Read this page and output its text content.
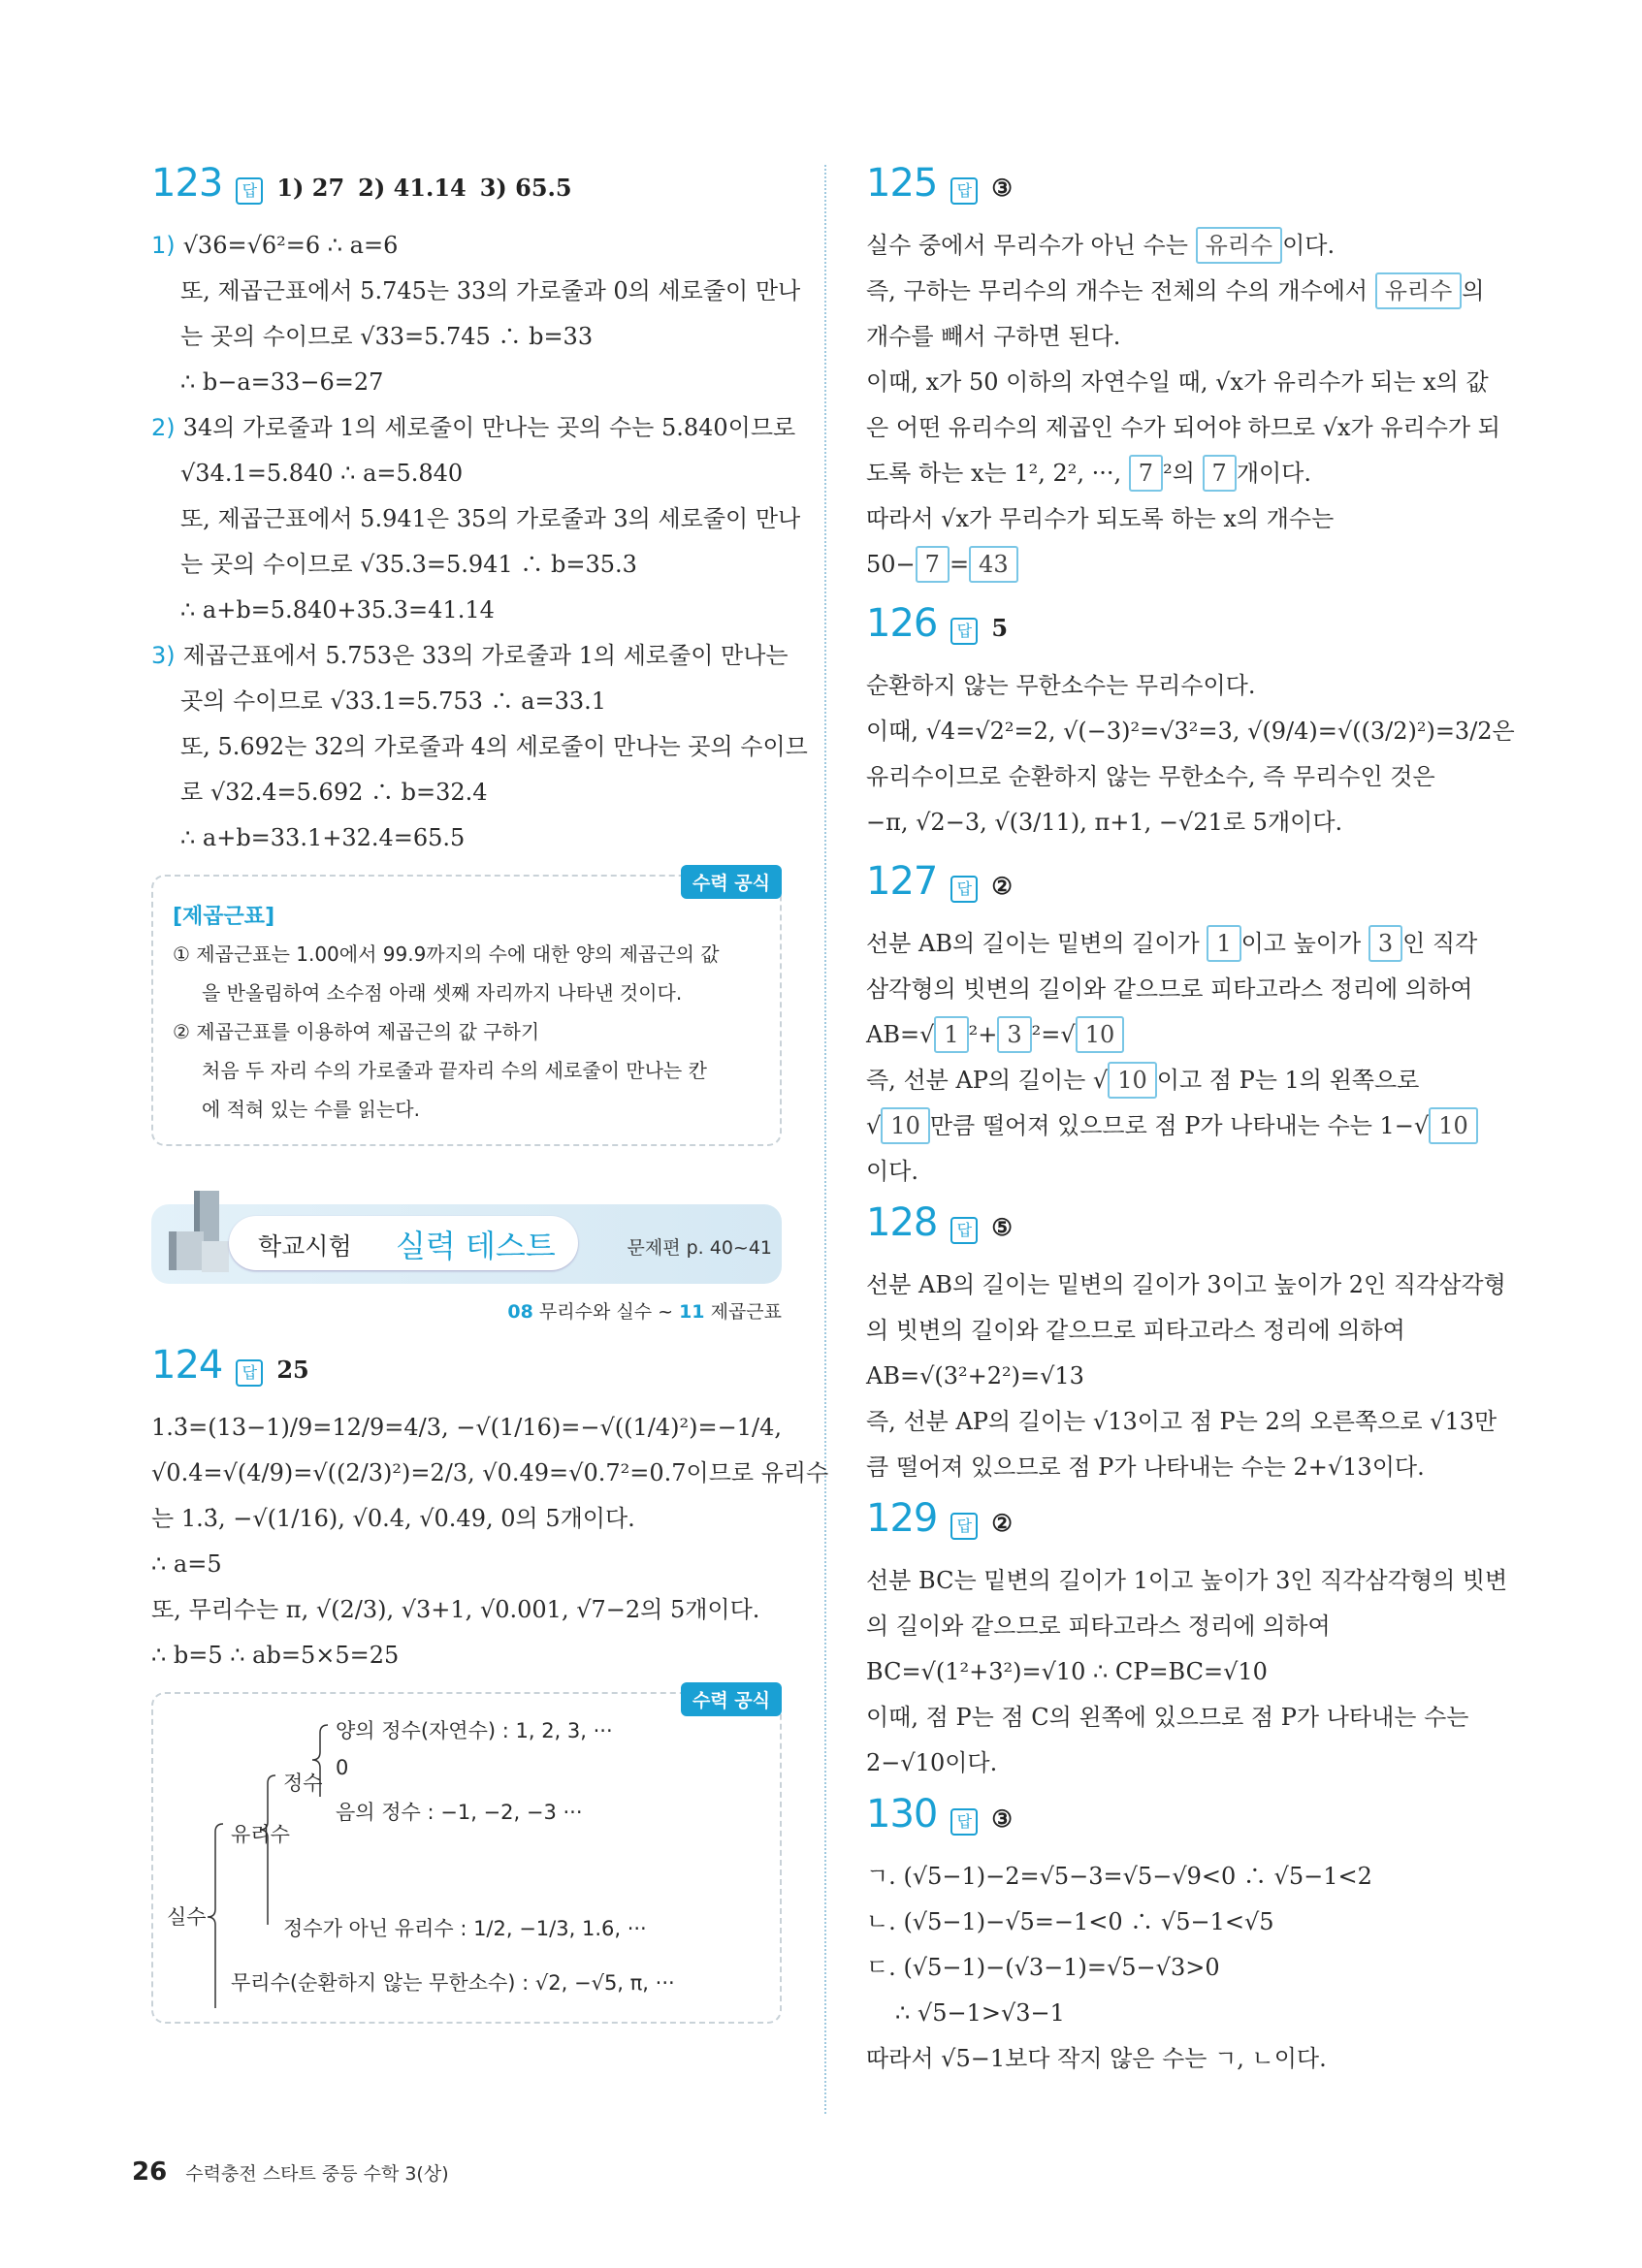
123	답 1) 27 2) 41.14 3) 65.5
1) √36=√6²=6 ∴ a=6
또, 제곱근표에서 5.745는 33의 가로줄과 0의 세로줄이 만나
는 곳의 수이므로 √33=5.745 ∴ b=33
∴ b−a=33−6=27
2) 34의 가로줄과 1의 세로줄이 만나는 곳의 수는 5.840이므로
√34.1=5.840 ∴ a=5.840
또, 제곱근표에서 5.941은 35의 가로줄과 3의 세로줄이 만나
는 곳의 수이므로 √35.3=5.941 ∴ b=35.3
∴ a+b=5.840+35.3=41.14
3) 제곱근표에서 5.753은 33의 가로줄과 1의 세로줄이 만나는
곳의 수이므로 √33.1=5.753 ∴ a=33.1
또, 5.692는 32의 가로줄과 4의 세로줄이 만나는 곳의 수이므
로 √32.4=5.692 ∴ b=32.4
∴ a+b=33.1+32.4=65.5
수력 공식
[제곱근표]
① 제곱근표는 1.00에서 99.9까지의 수에 대한 양의 제곱근의 값
을 반올림하여 소수점 아래 셋째 자리까지 나타낸 것이다.
② 제곱근표를 이용하여 제곱근의 값 구하기
처음 두 자리 수의 가로줄과 끝자리 수의 세로줄이 만나는 칸
에 적혀 있는 수를 읽는다.
학교시험 실력 테스트	문제편 p. 40~41
08 무리수와 실수 ~ 11 제곱근표
124	답 25
1.3̇=(13−1)/9=12/9=4/3, −√(1/16)=−√((1/4)²)=−1/4,
√0.4̇=√(4/9)=√((2/3)²)=2/3, √0.49=√0.7²=0.7이므로 유리수
는 1.3̇, −√(1/16), √0.4̇, √0.49, 0의 5개이다.
∴ a=5
또, 무리수는 π, √(2/3), √3+1, √0.001, √7−2의 5개이다.
∴ b=5 ∴ ab=5×5=25
수력 공식
실수
유리수
정수
양의 정수(자연수) : 1, 2, 3, ···
0
음의 정수 : −1, −2, −3 ···
정수가 아닌 유리수 : 1/2, −1/3, 1.6, ···
무리수(순환하지 않는 무한소수) : √2, −√5, π, ···
125	답 ③
실수 중에서 무리수가 아닌 수는 유리수 이다.
즉, 구하는 무리수의 개수는 전체의 수의 개수에서 유리수 의
개수를 빼서 구하면 된다.
이때, x가 50 이하의 자연수일 때, √x가 유리수가 되는 x의 값
은 어떤 유리수의 제곱인 수가 되어야 하므로 √x가 유리수가 되
도록 하는 x는 1², 2², ···, 7 ²의 7 개이다.
따라서 √x가 무리수가 되도록 하는 x의 개수는
50− 7 = 43
126	답 5
순환하지 않는 무한소수는 무리수이다.
이때, √4=√2²=2, √(−3)²=√3²=3, √(9/4)=√((3/2)²)=3/2은
유리수이므로 순환하지 않는 무한소수, 즉 무리수인 것은
−π, √2−3, √(3/11), π+1, −√21로 5개이다.
127	답 ②
선분 AB의 길이는 밑변의 길이가 1 이고 높이가 3 인 직각
삼각형의 빗변의 길이와 같으므로 피타고라스 정리에 의하여
AB=√ 1 ²+ 3 ²=√ 10
즉, 선분 AP의 길이는 √ 10 이고 점 P는 1의 왼쪽으로
√ 10 만큼 떨어져 있으므로 점 P가 나타내는 수는 1−√ 10
이다.
128	답 ⑤
선분 AB의 길이는 밑변의 길이가 3이고 높이가 2인 직각삼각형
의 빗변의 길이와 같으므로 피타고라스 정리에 의하여
AB=√(3²+2²)=√13
즉, 선분 AP의 길이는 √13이고 점 P는 2의 오른쪽으로 √13만
큼 떨어져 있으므로 점 P가 나타내는 수는 2+√13이다.
129	답 ②
선분 BC는 밑변의 길이가 1이고 높이가 3인 직각삼각형의 빗변
의 길이와 같으므로 피타고라스 정리에 의하여
BC=√(1²+3²)=√10 ∴ CP=BC=√10
이때, 점 P는 점 C의 왼쪽에 있으므로 점 P가 나타내는 수는
2−√10이다.
130	답 ③
ㄱ. (√5−1)−2=√5−3=√5−√9<0 ∴ √5−1<2
ㄴ. (√5−1)−√5=−1<0 ∴ √5−1<√5
ㄷ. (√5−1)−(√3−1)=√5−√3>0
∴ √5−1>√3−1
따라서 √5−1보다 작지 않은 수는 ㄱ, ㄴ이다.
26 수력충전 스타트 중등 수학 3(상)
